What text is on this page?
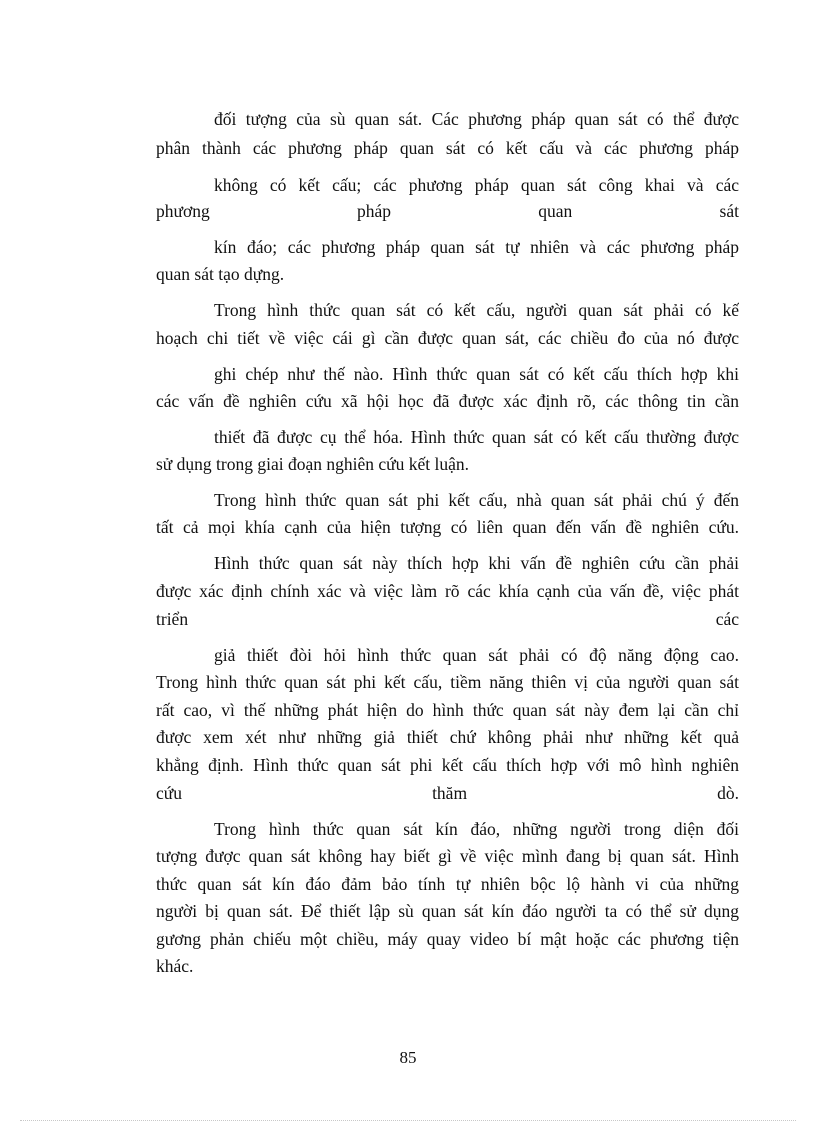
đối tượng của sù quan sát. Các phương pháp quan sát có thể được
phân thành các phương pháp quan sát có kết cấu và các phương pháp
không có kết cấu; các phương pháp quan sát công khai và các
phương pháp quan sát
kín đáo; các phương pháp quan sát tự nhiên và các phương pháp
quan sát tạo dựng.
Trong hình thức quan sát có kết cấu, người quan sát phải có kế
hoạch chi tiết về việc cái gì cần được quan sát, các chiều đo của nó được
ghi chép như thế nào. Hình thức quan sát có kết cấu thích hợp khi
các vấn đề nghiên cứu xã hội học đã được xác định rõ, các thông tin cần
thiết đã được cụ thể hóa. Hình thức quan sát có kết cấu thường được
sử dụng trong giai đoạn nghiên cứu kết luận.
Trong hình thức quan sát phi kết cấu, nhà quan sát phải chú ý đến
tất cả mọi khía cạnh của hiện tượng có liên quan đến vấn đề nghiên cứu.
Hình thức quan sát này thích hợp khi vấn đề nghiên cứu cần phải
được xác định chính xác và việc làm rõ các khía cạnh của vấn đề, việc phát
triển các
giả thiết đòi hỏi hình thức quan sát phải có độ năng động cao.
Trong hình thức quan sát phi kết cấu, tiềm năng thiên vị của người quan sát
rất cao, vì thế những phát hiện do hình thức quan sát này đem lại cần chỉ
được xem xét như những giả thiết chứ không phải như những kết quả
khẳng định. Hình thức quan sát phi kết cấu thích hợp với mô hình nghiên
cứu thăm dò.
Trong hình thức quan sát kín đáo, những người trong diện đối
tượng được quan sát không hay biết gì về việc mình đang bị quan sát. Hình
thức quan sát kín đáo đảm bảo tính tự nhiên bộc lộ hành vi của những
người bị quan sát. Để thiết lập sù quan sát kín đáo người ta có thể sử dụng
gương phản chiếu một chiều, máy quay video bí mật hoặc các phương tiện
khác.
85
